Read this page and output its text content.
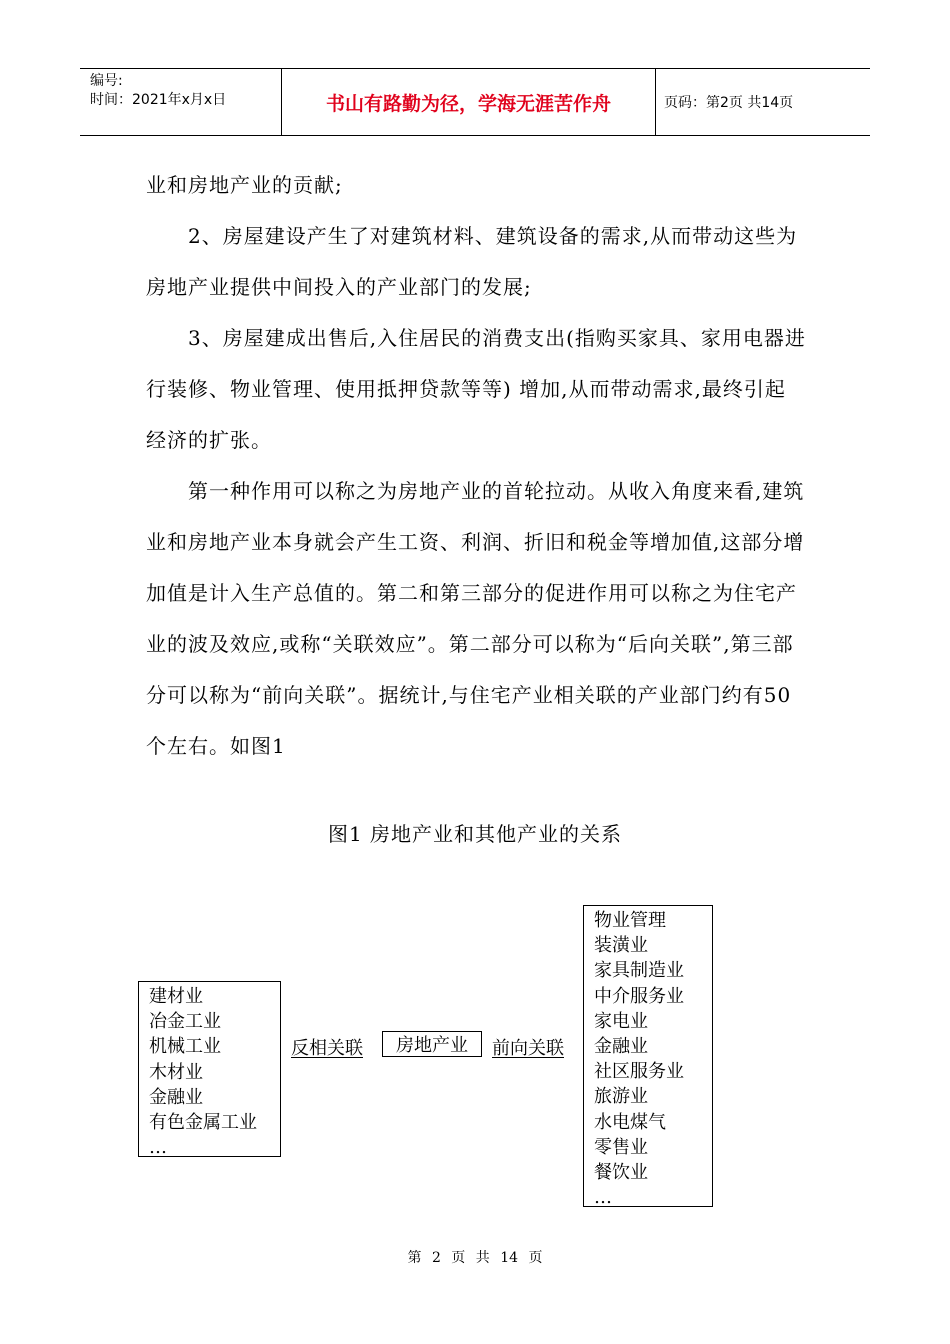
编号:
时间：2021年x月x日	书山有路勤为径，学海无涯苦作舟	页码：第2页 共14页

业和房地产业的贡献;

2、房屋建设产生了对建筑材料、建筑设备的需求,从而带动这些为房地产业提供中间投入的产业部门的发展;

3、房屋建成出售后,入住居民的消费支出(指购买家具、家用电器进行装修、物业管理、使用抵押贷款等等) 增加,从而带动需求,最终引起经济的扩张。

第一种作用可以称之为房地产业的首轮拉动。从收入角度来看,建筑业和房地产业本身就会产生工资、利润、折旧和税金等增加值,这部分增加值是计入生产总值的。第二和第三部分的促进作用可以称之为住宅产业的波及效应,或称“关联效应”。第二部分可以称为“后向关联”,第三部分可以称为“前向关联”。据统计,与住宅产业相关联的产业部门约有50 个左右。如图1

图1 房地产业和其他产业的关系
建材业
冶金工业
机械工业
木材业
金融业
有色金属工业
…
反相关联	房地产业	前向关联
物业管理
装潢业
家具制造业
中介服务业
家电业
金融业
社区服务业
旅游业
水电煤气
零售业
餐饮业
…
第 2 页 共 14 页
